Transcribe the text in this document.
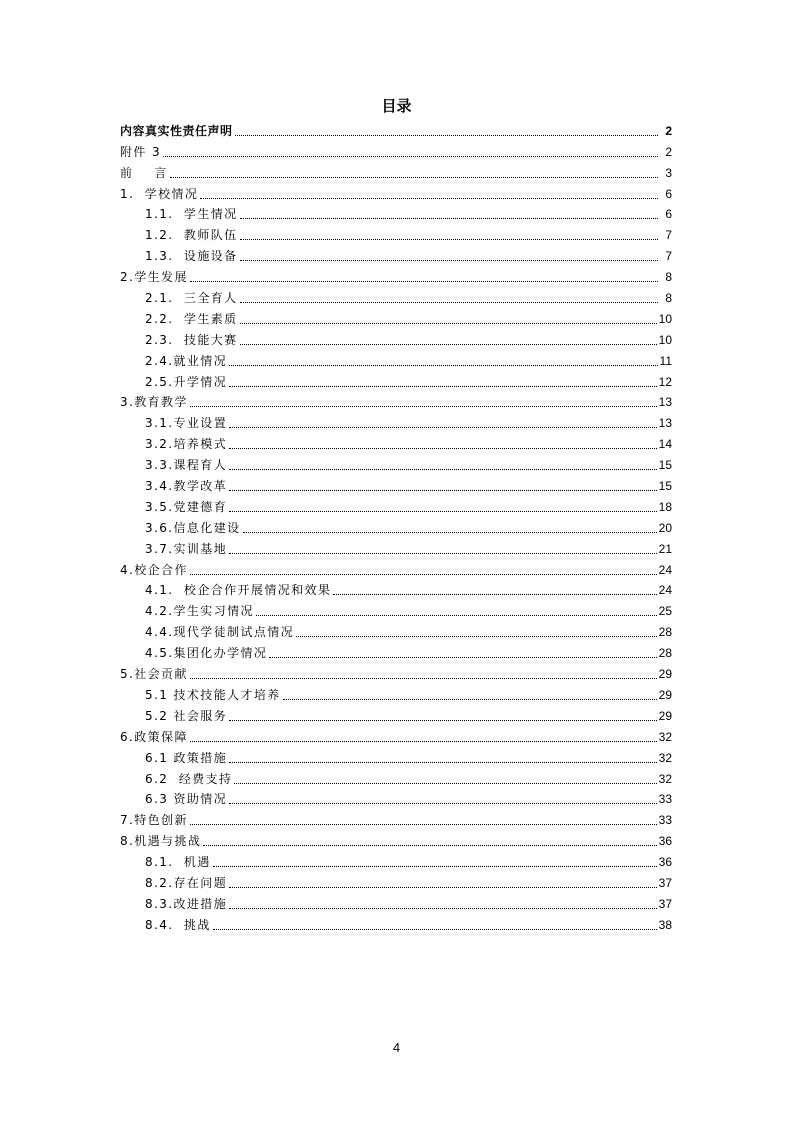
目录
内容真实性责任声明	2
附件 3	2
前    言	3
1.  学校情况	6
1.1.  学生情况	6
1.2.  教师队伍	7
1.3.  设施设备	7
2.学生发展	8
2.1.  三全育人	8
2.2.  学生素质	10
2.3.  技能大赛	10
2.4.就业情况	11
2.5.升学情况	12
3.教育教学	13
3.1.专业设置	13
3.2.培养模式	14
3.3.课程育人	15
3.4.教学改革	15
3.5.党建德育	18
3.6.信息化建设	20
3.7.实训基地	21
4.校企合作	24
4.1.  校企合作开展情况和效果	24
4.2.学生实习情况	25
4.4.现代学徒制试点情况	28
4.5.集团化办学情况	28
5.社会贡献	29
5.1 技术技能人才培养	29
5.2 社会服务	29
6.政策保障	32
6.1 政策措施	32
6.2  经费支持	32
6.3 资助情况	33
7.特色创新	33
8.机遇与挑战	36
8.1.  机遇	36
8.2.存在问题	37
8.3.改进措施	37
8.4.  挑战	38
4
